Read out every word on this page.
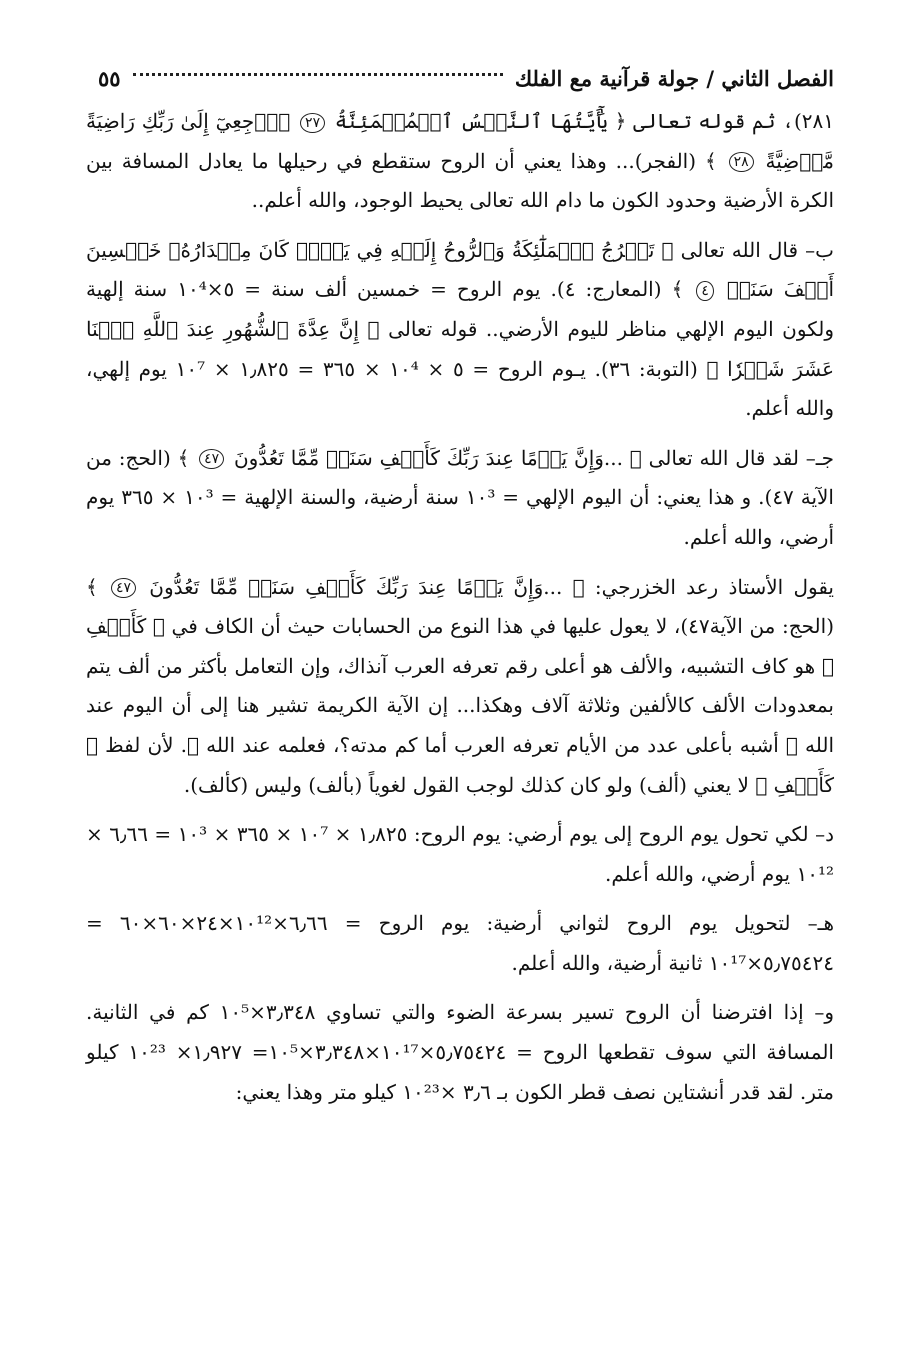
الفصل الثاني / جولة قرآنية مع الفلك
٥٥

٢٨١)، ثم قوله تعالى ﴿ يَٰٓأَيَّتُهَا ٱلنَّفۡسُ ٱلۡمُطۡمَئِنَّةُ ٢٧ ٱرۡجِعِيٓ إِلَىٰ رَبِّكِ رَاضِيَةً مَّرۡضِيَّةً ٢٨ ﴾ (الفجر)... وهذا يعني أن الروح ستقطع في رحيلها ما يعادل المسافة بين الكرة الأرضية وحدود الكون ما دام الله تعالى يحيط الوجود، والله أعلم..

ب– قال الله تعالى ﴿ تَعۡرُجُ ٱلۡمَلَٰٓئِكَةُ وَٱلرُّوحُ إِلَيۡهِ فِي يَوۡمٖ كَانَ مِقۡدَارُهُۥ خَمۡسِينَ أَلۡفَ سَنَةٖ ٤ ﴾ (المعارج: ٤). يوم الروح = خمسين ألف سنة = ٥×١٠⁴ سنة إلهية ولكون اليوم الإلهي مناظر لليوم الأرضي.. قوله تعالى ﴿ إِنَّ عِدَّةَ ٱلشُّهُورِ عِندَ ٱللَّهِ ٱثۡنَا عَشَرَ شَهۡرٗا ﴾ (التوبة: ٣٦). يـوم الروح = ٥ × ١٠⁴ × ٣٦٥ = ١٫٨٢٥ × ١٠⁷ يوم إلهي، والله أعلم.

جـ– لقد قال الله تعالى ﴿ ...وَإِنَّ يَوۡمًا عِندَ رَبِّكَ كَأَلۡفِ سَنَةٖ مِّمَّا تَعُدُّونَ ٤٧ ﴾ (الحج: من الآية ٤٧). و هذا يعني: أن اليوم الإلهي = ١٠³ سنة أرضية، والسنة الإلهية = ١٠³ × ٣٦٥ يوم أرضي، والله أعلم.

يقول الأستاذ رعد الخزرجي: ﴿ ...وَإِنَّ يَوۡمًا عِندَ رَبِّكَ كَأَلۡفِ سَنَةٖ مِّمَّا تَعُدُّونَ ٤٧ ﴾ (الحج: من الآية٤٧)، لا يعول عليها في هذا النوع من الحسابات حيث أن الكاف في ﴿ كَأَلۡفِ ﴾ هو كاف التشبيه، والألف هو أعلى رقم تعرفه العرب آنذاك، وإن التعامل بأكثر من ألف يتم بمعدودات الألف كالألفين وثلاثة آلاف وهكذا... إن الآية الكريمة تشير هنا إلى أن اليوم عند الله ﷻ أشبه بأعلى عدد من الأيام تعرفه العرب أما كم مدته؟، فعلمه عند الله ﷻ. لأن لفظ ﴿ كَأَلۡفِ ﴾ لا يعني (ألف) ولو كان كذلك لوجب القول لغوياً (بألف) وليس (كألف).

د– لكي تحول يوم الروح إلى يوم أرضي: يوم الروح: ١٫٨٢٥ × ١٠⁷ × ٣٦٥ × ١٠³ = ٦٫٦٦ × ١٠¹² يوم أرضي، والله أعلم.

هـ– لتحويل يوم الروح لثواني أرضية: يوم الروح = ٦٫٦٦×١٠¹²×٢٤×٦٠×٦٠ = ٥٫٧٥٤٢٤×١٠¹⁷ ثانية أرضية، والله أعلم.

و– إذا افترضنا أن الروح تسير بسرعة الضوء والتي تساوي ٣٫٣٤٨×١٠⁵ كم في الثانية. المسافة التي سوف تقطعها الروح = ٥٫٧٥٤٢٤×١٠¹⁷×٣٫٣٤٨×١٠⁵= ١٫٩٢٧× ١٠²³ كيلو متر. لقد قدر أنشتاين نصف قطر الكون بـ ٣٫٦ ×١٠²³ كيلو متر وهذا يعني:
